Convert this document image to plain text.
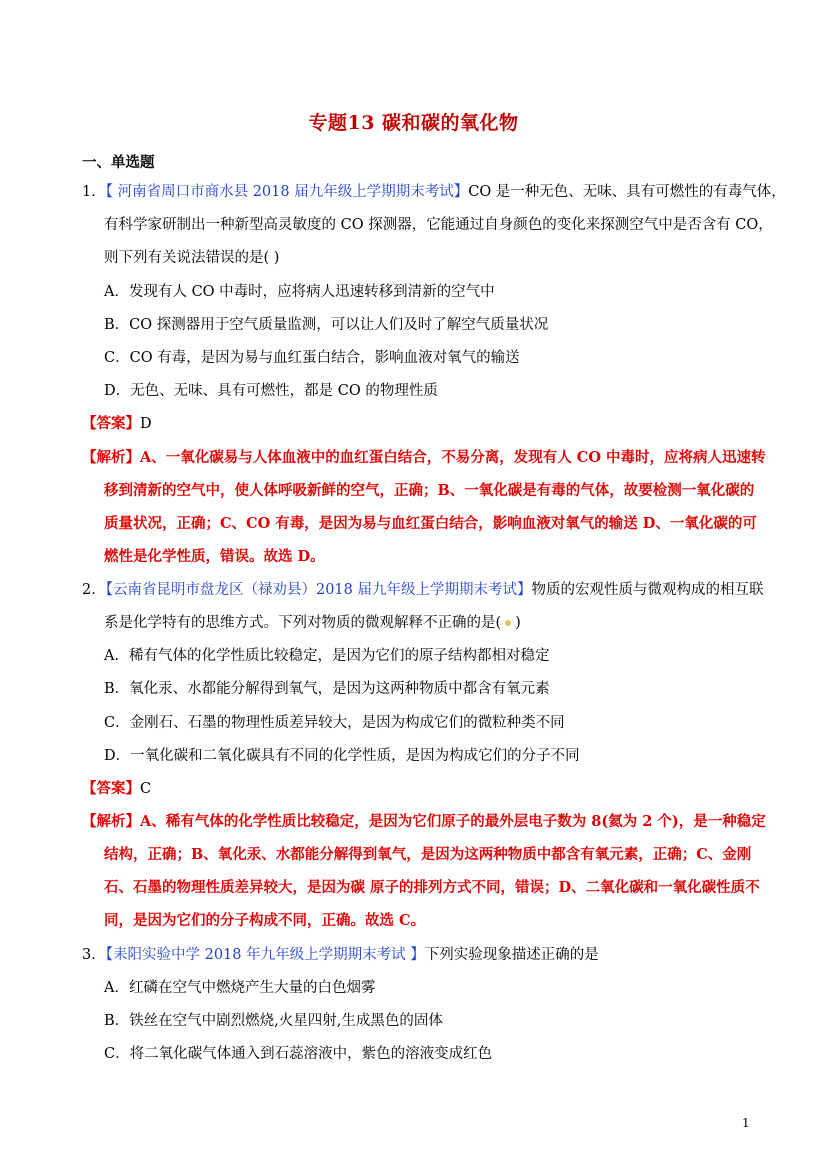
专题13 碳和碳的氧化物
一、单选题
1．【 河南省周口市商水县 2018 届九年级上学期期末考试】CO 是一种无色、无味、具有可燃性的有毒气体，
有科学家研制出一种新型高灵敏度的 CO 探测器，它能通过自身颜色的变化来探测空气中是否含有 CO，
则下列有关说法错误的是( )
A．发现有人 CO 中毒时，应将病人迅速转移到清新的空气中
B．CO 探测器用于空气质量监测，可以让人们及时了解空气质量状况
C．CO 有毒，是因为易与血红蛋白结合，影响血液对氧气的输送
D．无色、无味、具有可燃性，都是 CO 的物理性质
【答案】D
【解析】A、一氧化碳易与人体血液中的血红蛋白结合，不易分离，发现有人 CO 中毒时，应将病人迅速转
移到清新的空气中，使人体呼吸新鲜的空气，正确；B、一氧化碳是有毒的气体，故要检测一氧化碳的
质量状况，正确；C、CO 有毒，是因为易与血红蛋白结合，影响血液对氧气的输送 D、一氧化碳的可
燃性是化学性质，错误。故选 D。
2．【云南省昆明市盘龙区（禄劝县）2018 届九年级上学期期末考试】物质的宏观性质与微观构成的相互联
系是化学特有的思维方式。下列对物质的微观解释不正确的是( )
A．稀有气体的化学性质比较稳定，是因为它们的原子结构都相对稳定
B．氧化汞、水都能分解得到氧气，是因为这两种物质中都含有氧元素
C．金刚石、石墨的物理性质差异较大，是因为构成它们的微粒种类不同
D．一氧化碳和二氧化碳具有不同的化学性质，是因为构成它们的分子不同
【答案】C
【解析】A、稀有气体的化学性质比较稳定，是因为它们原子的最外层电子数为 8(氦为 2 个)，是一种稳定
结构，正确；B、氧化汞、水都能分解得到氧气，是因为这两种物质中都含有氧元素，正确；C、金刚
石、石墨的物理性质差异较大，是因为碳 原子的排列方式不同，错误；D、二氧化碳和一氧化碳性质不
同，是因为它们的分子构成不同，正确。故选 C。
3．【耒阳实验中学 2018 年九年级上学期期末考试 】下列实验现象描述正确的是
A．红磷在空气中燃烧产生大量的白色烟雾
B．铁丝在空气中剧烈燃烧,火星四射,生成黑色的固体
C．将二氧化碳气体通入到石蕊溶液中，紫色的溶液变成红色
1
